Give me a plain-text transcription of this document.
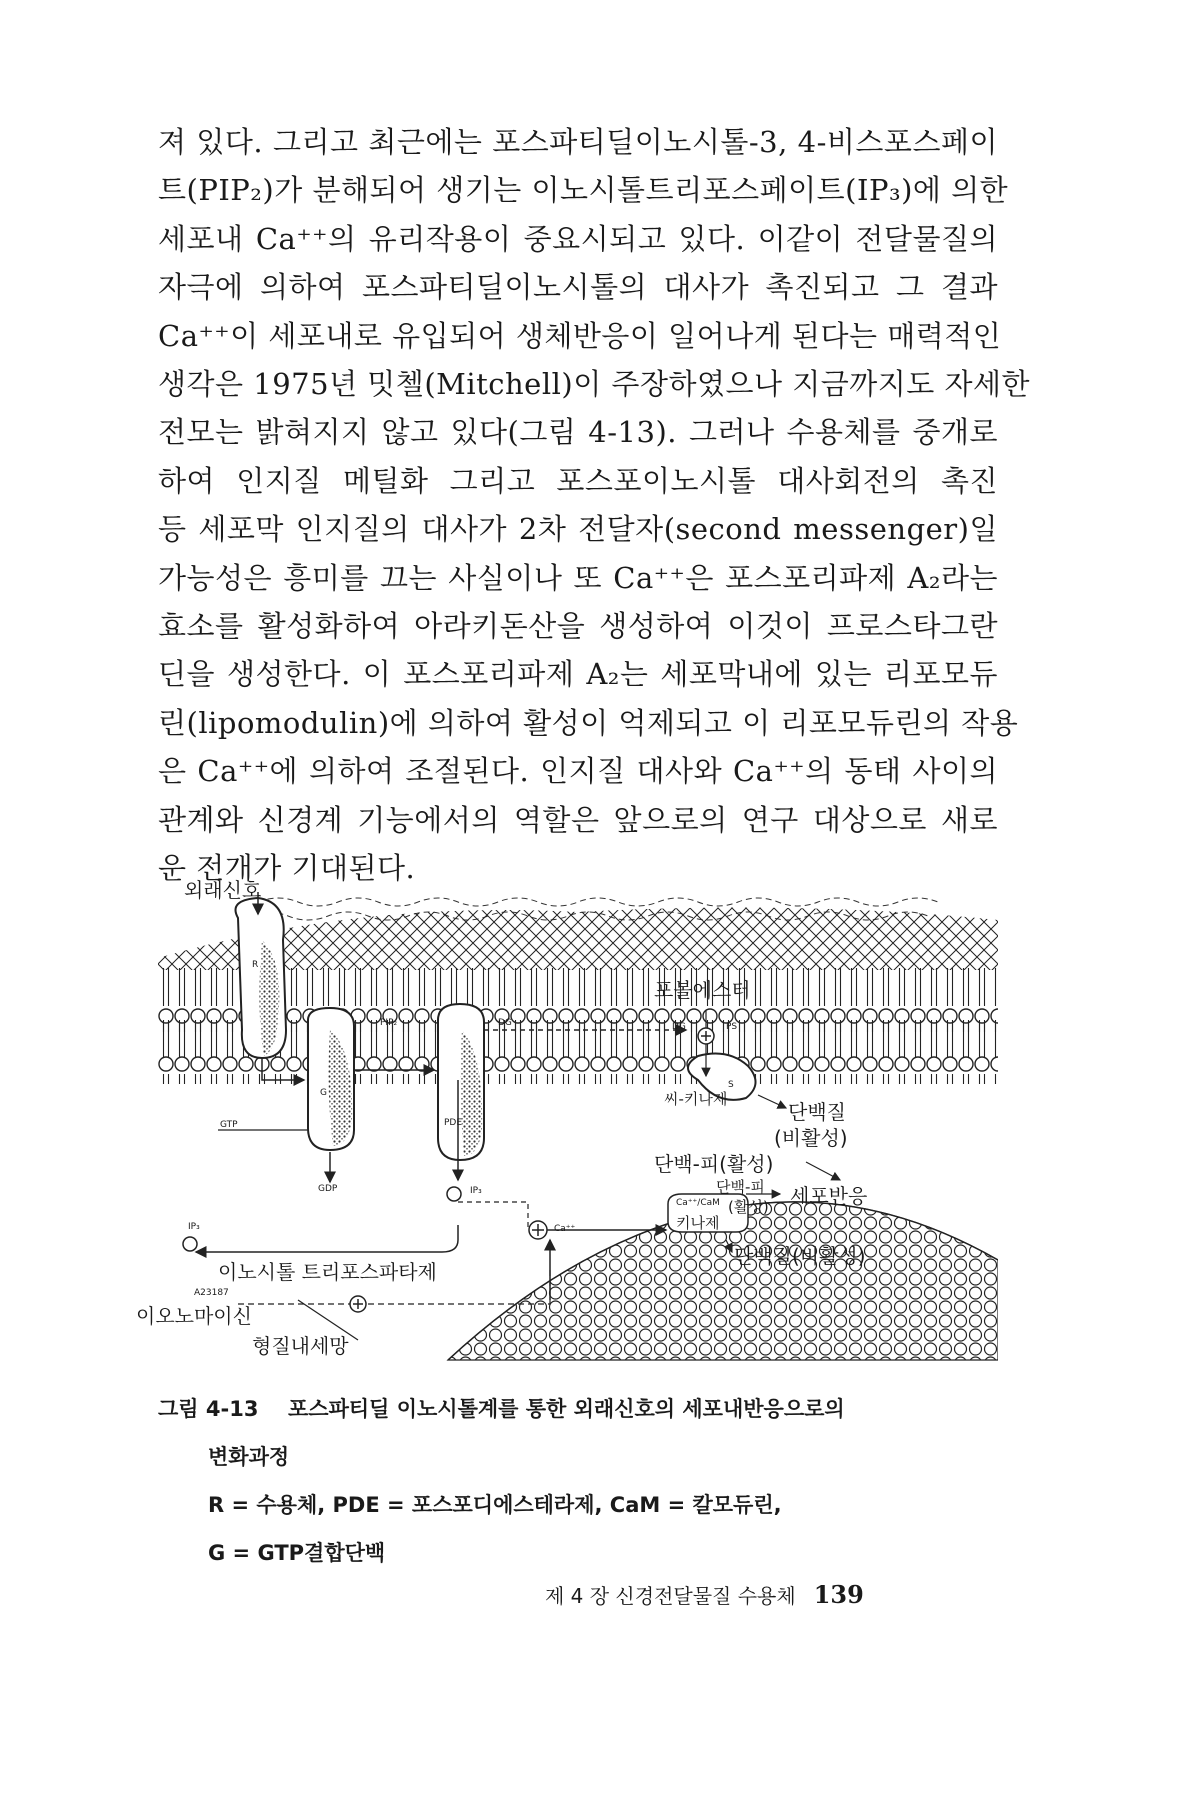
져 있다. 그리고 최근에는 포스파티딜이노시톨-3, 4-비스포스페이
트(PIP₂)가 분해되어 생기는 이노시톨트리포스페이트(IP₃)에 의한
세포내 Ca⁺⁺의 유리작용이 중요시되고 있다. 이같이 전달물질의
자극에 의하여 포스파티딜이노시톨의 대사가 촉진되고 그 결과
Ca⁺⁺이 세포내로 유입되어 생체반응이 일어나게 된다는 매력적인
생각은 1975년 밋첼(Mitchell)이 주장하였으나 지금까지도 자세한
전모는 밝혀지지 않고 있다(그림 4-13). 그러나 수용체를 중개로
하여 인지질 메틸화 그리고 포스포이노시톨 대사회전의 촉진
등 세포막 인지질의 대사가 2차 전달자(second messenger)일
가능성은 흥미를 끄는 사실이나 또 Ca⁺⁺은 포스포리파제 A₂라는
효소를 활성화하여 아라키돈산을 생성하여 이것이 프로스타그란
딘을 생성한다. 이 포스포리파제 A₂는 세포막내에 있는 리포모듀
린(lipomodulin)에 의하여 활성이 억제되고 이 리포모듀린의 작용
은 Ca⁺⁺에 의하여 조절된다. 인지질 대사와 Ca⁺⁺의 동태 사이의
관계와 신경계 기능에서의 역할은 앞으로의 연구 대상으로 새로
운 전개가 기대된다.
외래신호
R
G
PDE
GTP
GDP
PIP₂	DG	DG	PS
IP₃
IP₃
S
Ca⁺⁺
포볼에스터
씨-키나제
단백질
(비활성)
단백-피(활성)
단백-피
(활성) 세포반응
Ca⁺⁺/CaM
키나제
단백질(비활성)
이노시톨 트리포스파타제
A23187
이오노마이신
형질내세망
그림 4-13 포스파티딜 이노시톨계를 통한 외래신호의 세포내반응으로의
변화과정
R = 수용체, PDE = 포스포디에스테라제, CaM = 칼모듀린,
G = GTP결합단백
제 4 장 신경전달물질 수용체 139
